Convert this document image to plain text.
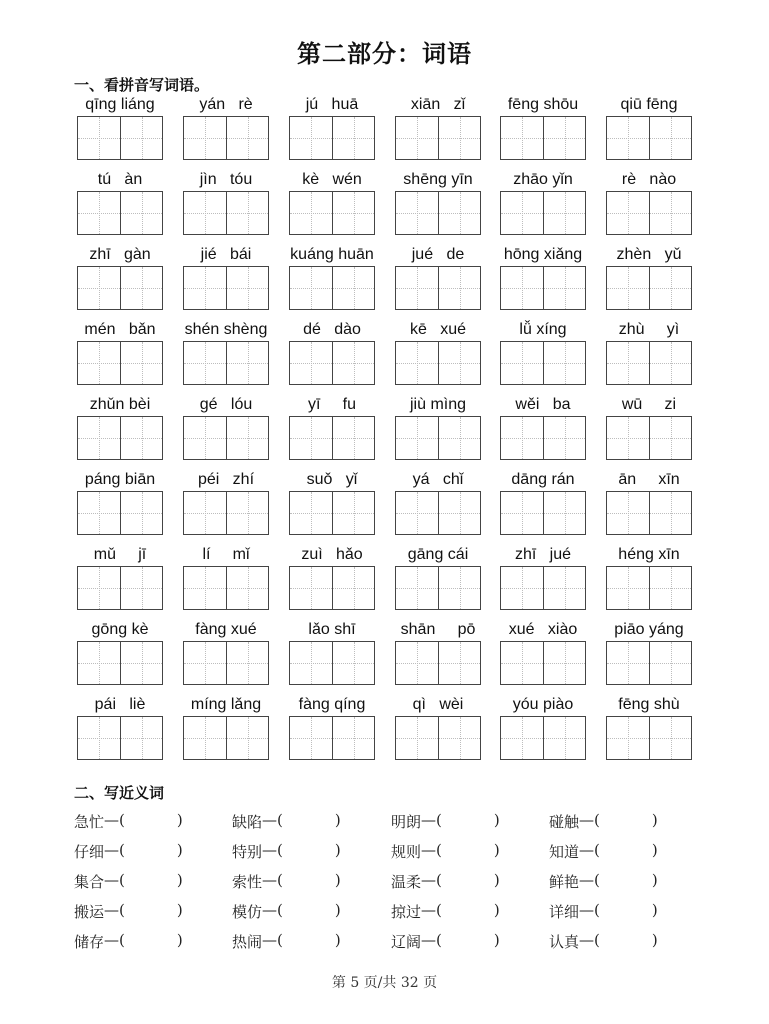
第二部分：词语
一、看拼音写词语。
qīng liáng	yán   rè	jú   huā	xiān   zǐ	fēng shōu	qiū fēng
tú   àn	jìn   tóu	kè   wén	shēng yīn	zhāo yǐn	rè   nào
zhī   gàn	jié   bái	kuáng huān	jué   de	hōng xiǎng	zhèn   yǔ
mén   bǎn	shén shèng	dé   dào	kē   xué	lǚ xíng	zhù     yì
zhǔn bèi	gé   lóu	yī     fu	jiù mìng	wěi   ba	wū     zi
páng biān	péi   zhí	suǒ   yǐ	yá   chǐ	dāng rán	ān     xīn
mǔ     jī	lí     mǐ	zuì   hǎo	gāng cái	zhī   jué	héng xīn
gōng kè	fàng xué	lǎo shī	shān     pō	xué   xiào	piāo yáng
pái   liè	míng lǎng	fàng qíng	qì   wèi	yóu piào	fēng shù
二、写近义词
急忙 — (	)	缺陷 — (	)	明朗 — (	)	碰触 — (	)
仔细 — (	)	特别 — (	)	规则 — (	)	知道 — (	)
集合 — (	)	索性 — (	)	温柔 — (	)	鲜艳 — (	)
搬运 — (	)	模仿 — (	)	掠过 — (	)	详细 — (	)
储存 — (	)	热闹 — (	)	辽阔 — (	)	认真 — (	)
第 5 页/共 32 页
